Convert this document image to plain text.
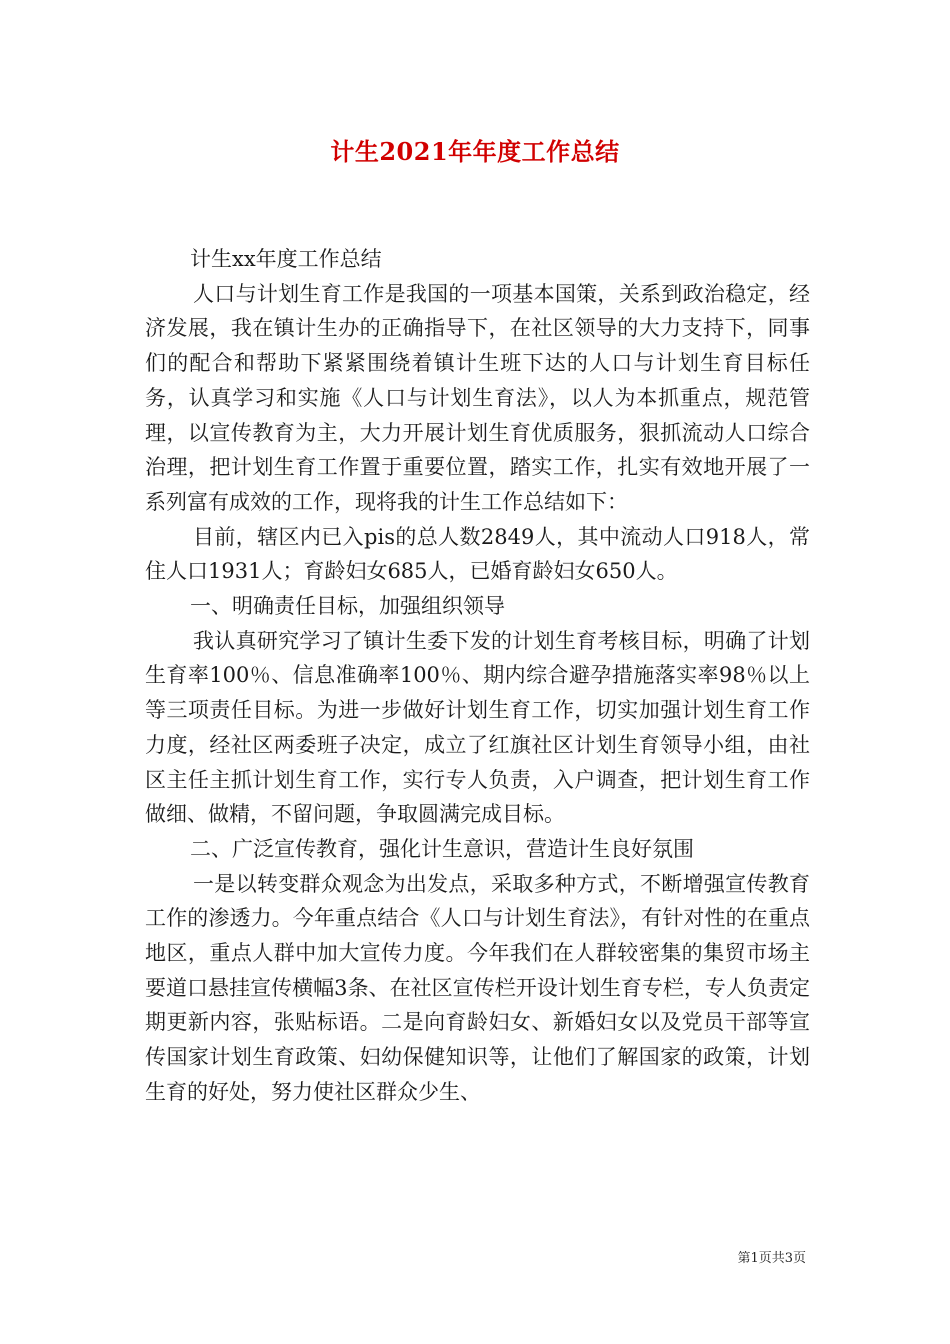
计生2021年年度工作总结

计生xx年度工作总结

人口与计划生育工作是我国的一项基本国策，关系到政治稳定，经济发展，我在镇计生办的正确指导下，在社区领导的大力支持下，同事们的配合和帮助下紧紧围绕着镇计生班下达的人口与计划生育目标任务，认真学习和实施《人口与计划生育法》，以人为本抓重点，规范管理，以宣传教育为主，大力开展计划生育优质服务，狠抓流动人口综合治理，把计划生育工作置于重要位置，踏实工作，扎实有效地开展了一系列富有成效的工作，现将我的计生工作总结如下：

目前，辖区内已入pis的总人数2849人，其中流动人口918人，常住人口1931人；育龄妇女685人，已婚育龄妇女650人。

一、明确责任目标，加强组织领导

我认真研究学习了镇计生委下发的计划生育考核目标，明确了计划生育率100％、信息准确率100％、期内综合避孕措施落实率98％以上等三项责任目标。为进一步做好计划生育工作，切实加强计划生育工作力度，经社区两委班子决定，成立了红旗社区计划生育领导小组，由社区主任主抓计划生育工作，实行专人负责，入户调查，把计划生育工作做细、做精，不留问题，争取圆满完成目标。

二、广泛宣传教育，强化计生意识，营造计生良好氛围

一是以转变群众观念为出发点，采取多种方式，不断增强宣传教育工作的渗透力。今年重点结合《人口与计划生育法》，有针对性的在重点地区，重点人群中加大宣传力度。今年我们在人群较密集的集贸市场主要道口悬挂宣传横幅3条、在社区宣传栏开设计划生育专栏，专人负责定期更新内容，张贴标语。二是向育龄妇女、新婚妇女以及党员干部等宣传国家计划生育政策、妇幼保健知识等，让他们了解国家的政策，计划生育的好处，努力使社区群众少生、

第1页共3页
